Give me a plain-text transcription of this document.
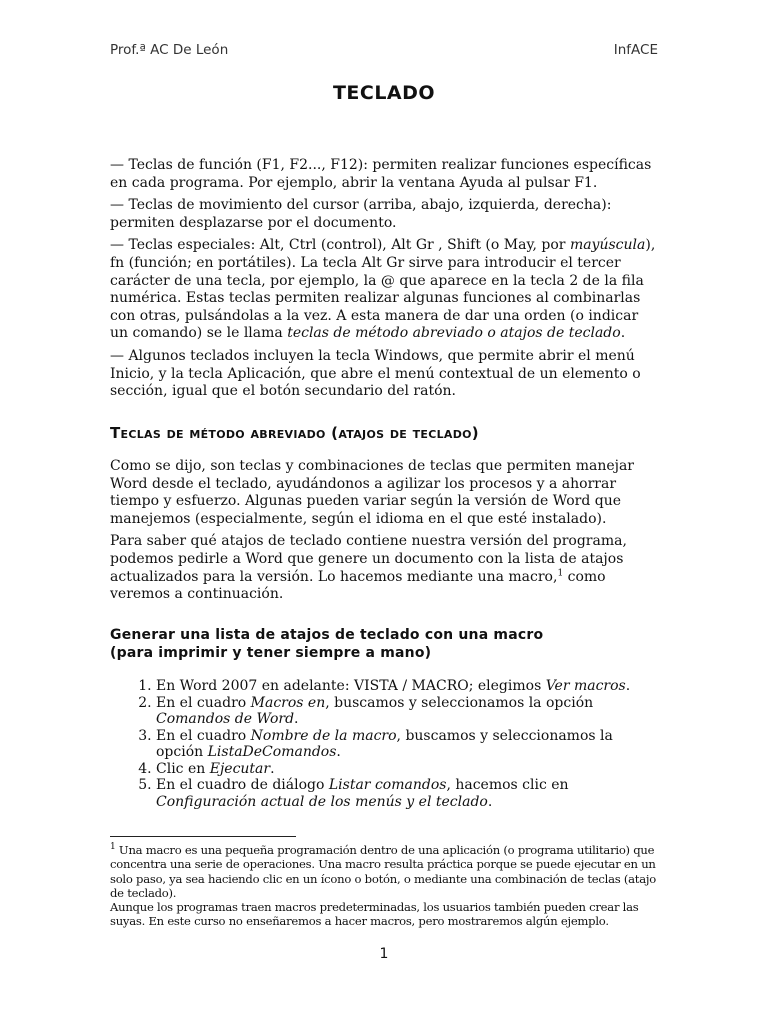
Prof.ª AC De León	InfACE
TECLADO

— Teclas de función (F1, F2..., F12): permiten realizar funciones específicas en cada programa. Por ejemplo, abrir la ventana Ayuda al pulsar F1.

— Teclas de movimiento del cursor (arriba, abajo, izquierda, derecha): permiten desplazarse por el documento.

— Teclas especiales: Alt, Ctrl (control), Alt Gr , Shift (o May, por mayúscula), fn (función; en portátiles). La tecla Alt Gr sirve para introducir el tercer carácter de una tecla, por ejemplo, la @ que aparece en la tecla 2 de la fila numérica. Estas teclas permiten realizar algunas funciones al combinarlas con otras, pulsándolas a la vez. A esta manera de dar una orden (o indicar un comando) se le llama teclas de método abreviado o atajos de teclado.

— Algunos teclados incluyen la tecla Windows, que permite abrir el menú Inicio, y la tecla Aplicación, que abre el menú contextual de un elemento o sección, igual que el botón secundario del ratón.

Teclas de método abreviado (atajos de teclado)

Como se dijo, son teclas y combinaciones de teclas que permiten manejar Word desde el teclado, ayudándonos a agilizar los procesos y a ahorrar tiempo y esfuerzo. Algunas pueden variar según la versión de Word que manejemos (especialmente, según el idioma en el que esté instalado).

Para saber qué atajos de teclado contiene nuestra versión del programa, podemos pedirle a Word que genere un documento con la lista de atajos actualizados para la versión. Lo hacemos mediante una macro,$^1$ como veremos a continuación.

Generar una lista de atajos de teclado con una macro
(para imprimir y tener siempre a mano)
1. En Word 2007 en adelante: VISTA / MACRO; elegimos Ver macros.
2. En el cuadro Macros en, buscamos y seleccionamos la opción Comandos de Word.
3. En el cuadro Nombre de la macro, buscamos y seleccionamos la opción ListaDeComandos.
4. Clic en Ejecutar.
5. En el cuadro de diálogo Listar comandos, hacemos clic en Configuración actual de los menús y el teclado.

$^1$ Una macro es una pequeña programación dentro de una aplicación (o programa utilitario) que concentra una serie de operaciones. Una macro resulta práctica porque se puede ejecutar en un solo paso, ya sea haciendo clic en un ícono o botón, o mediante una combinación de teclas (atajo de teclado).

Aunque los programas traen macros predeterminadas, los usuarios también pueden crear las suyas. En este curso no enseñaremos a hacer macros, pero mostraremos algún ejemplo.

1
